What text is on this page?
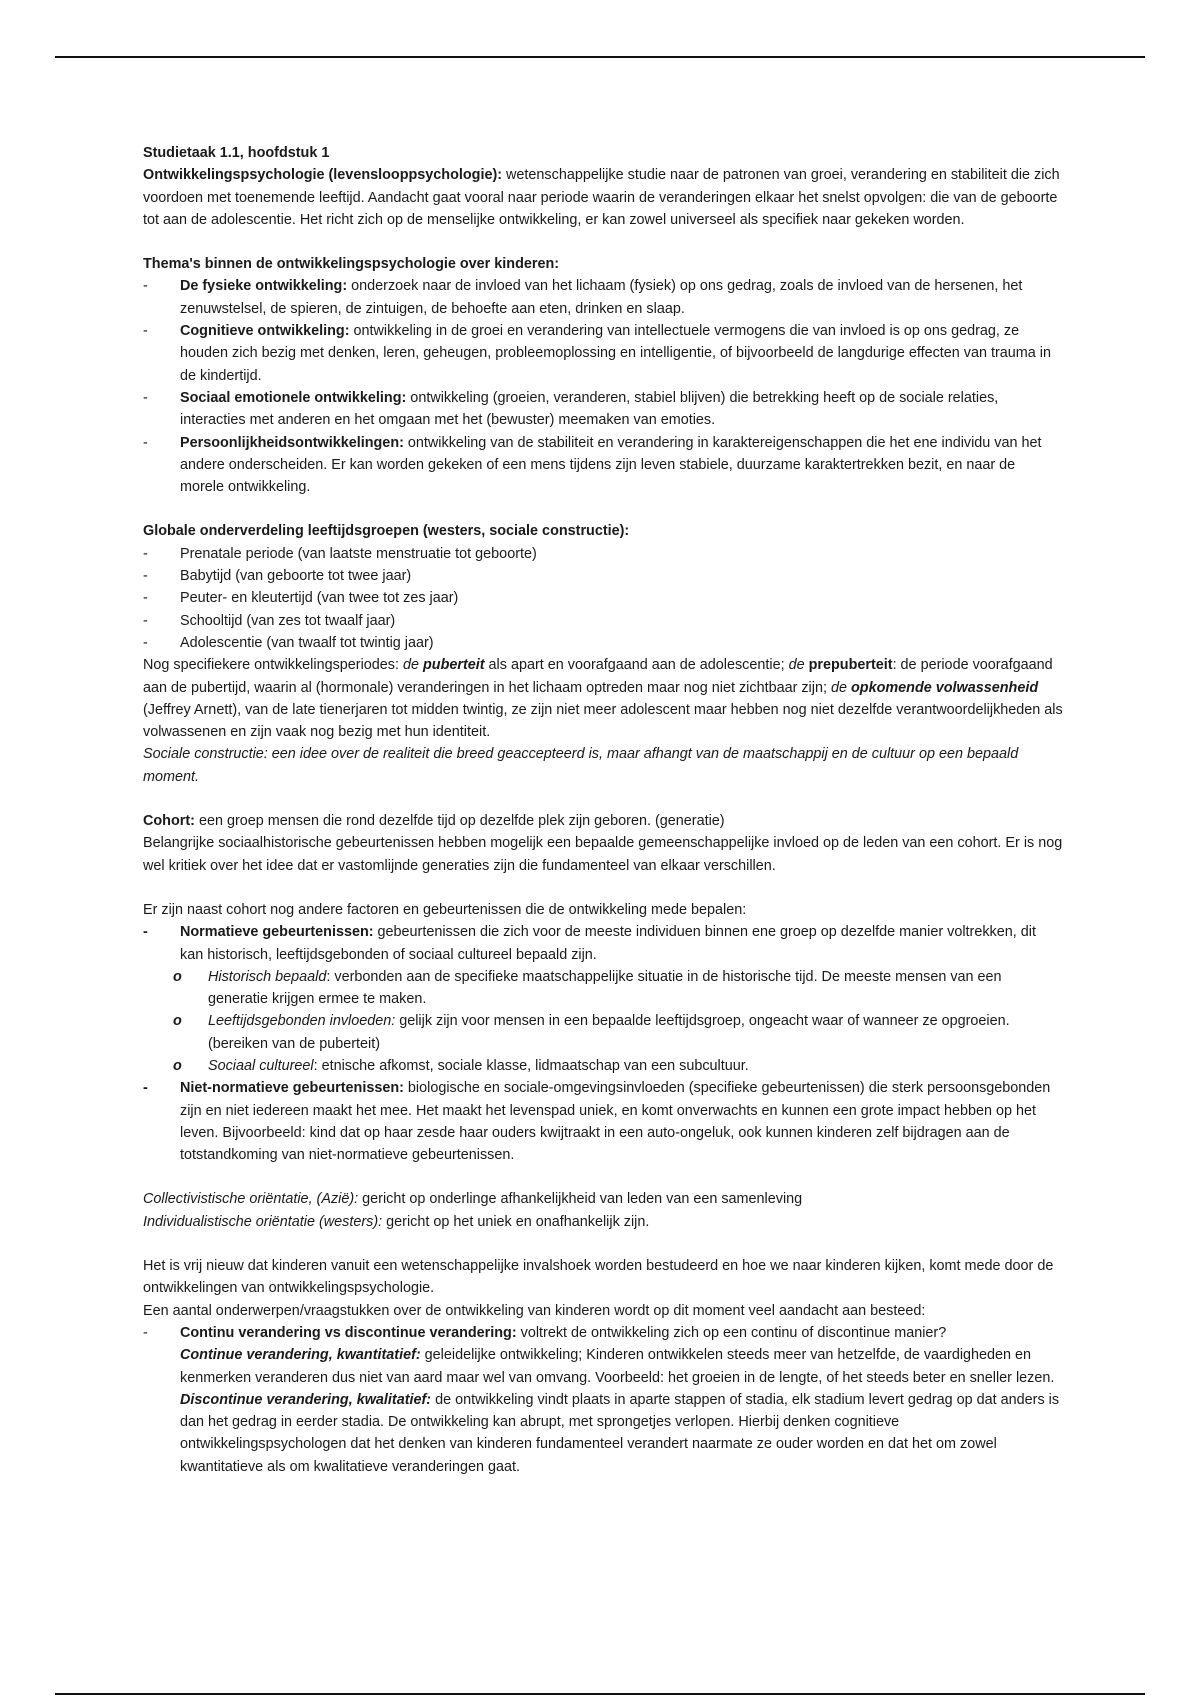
Studietaak 1.1, hoofdstuk 1

Ontwikkelingspsychologie (levenslooppsychologie): wetenschappelijke studie naar de patronen van groei, verandering en stabiliteit die zich voordoen met toenemende leeftijd. Aandacht gaat vooral naar periode waarin de veranderingen elkaar het snelst opvolgen: die van de geboorte tot aan de adolescentie. Het richt zich op de menselijke ontwikkeling, er kan zowel universeel als specifiek naar gekeken worden.

Thema's binnen de ontwikkelingspsychologie over kinderen:

-	De fysieke ontwikkeling: onderzoek naar de invloed van het lichaam (fysiek) op ons gedrag, zoals de invloed van de hersenen, het zenuwstelsel, de spieren, de zintuigen, de behoefte aan eten, drinken en slaap.
-	Cognitieve ontwikkeling: ontwikkeling in de groei en verandering van intellectuele vermogens die van invloed is op ons gedrag, ze houden zich bezig met denken, leren, geheugen, probleemoplossing en intelligentie, of bijvoorbeeld de langdurige effecten van trauma in de kindertijd.
-	Sociaal emotionele ontwikkeling: ontwikkeling (groeien, veranderen, stabiel blijven) die betrekking heeft op de sociale relaties, interacties met anderen en het omgaan met het (bewuster) meemaken van emoties.
-	Persoonlijkheidsontwikkelingen: ontwikkeling van de stabiliteit en verandering in karaktereigenschappen die het ene individu van het andere onderscheiden. Er kan worden gekeken of een mens tijdens zijn leven stabiele, duurzame karaktertrekken bezit, en naar de morele ontwikkeling.

Globale onderverdeling leeftijdsgroepen (westers, sociale constructie):

-	Prenatale periode (van laatste menstruatie tot geboorte)
-	Babytijd (van geboorte tot twee jaar)
-	Peuter- en kleutertijd (van twee tot zes jaar)
-	Schooltijd (van zes tot twaalf jaar)
-	Adolescentie (van twaalf tot twintig jaar)

Nog specifiekere ontwikkelingsperiodes: de puberteit als apart en voorafgaand aan de adolescentie; de prepuberteit: de periode voorafgaand aan de pubertijd, waarin al (hormonale) veranderingen in het lichaam optreden maar nog niet zichtbaar zijn; de opkomende volwassenheid (Jeffrey Arnett), van de late tienerjaren tot midden twintig, ze zijn niet meer adolescent maar hebben nog niet dezelfde verantwoordelijkheden als volwassenen en zijn vaak nog bezig met hun identiteit.

Sociale constructie: een idee over de realiteit die breed geaccepteerd is, maar afhangt van de maatschappij en de cultuur op een bepaald moment.

Cohort: een groep mensen die rond dezelfde tijd op dezelfde plek zijn geboren. (generatie)

Belangrijke sociaalhistorische gebeurtenissen hebben mogelijk een bepaalde gemeenschappelijke invloed op de leden van een cohort. Er is nog wel kritiek over het idee dat er vastomlijnde generaties zijn die fundamenteel van elkaar verschillen.

Er zijn naast cohort nog andere factoren en gebeurtenissen die de ontwikkeling mede bepalen:

-	Normatieve gebeurtenissen: gebeurtenissen die zich voor de meeste individuen binnen ene groep op dezelfde manier voltrekken, dit kan historisch, leeftijdsgebonden of sociaal cultureel bepaald zijn.
o Historisch bepaald: verbonden aan de specifieke maatschappelijke situatie in de historische tijd. De meeste mensen van een generatie krijgen ermee te maken.
o Leeftijdsgebonden invloeden: gelijk zijn voor mensen in een bepaalde leeftijdsgroep, ongeacht waar of wanneer ze opgroeien. (bereiken van de puberteit)
o Sociaal cultureel: etnische afkomst, sociale klasse, lidmaatschap van een subcultuur.
-	Niet-normatieve gebeurtenissen: biologische en sociale-omgevingsinvloeden (specifieke gebeurtenissen) die sterk persoonsgebonden zijn en niet iedereen maakt het mee. Het maakt het levenspad uniek, en komt onverwachts en kunnen een grote impact hebben op het leven. Bijvoorbeeld: kind dat op haar zesde haar ouders kwijtraakt in een auto-ongeluk, ook kunnen kinderen zelf bijdragen aan de totstandkoming van niet-normatieve gebeurtenissen.

Collectivistische oriëntatie, (Azië): gericht op onderlinge afhankelijkheid van leden van een samenleving

Individualistische oriëntatie (westers): gericht op het uniek en onafhankelijk zijn.

Het is vrij nieuw dat kinderen vanuit een wetenschappelijke invalshoek worden bestudeerd en hoe we naar kinderen kijken, komt mede door de ontwikkelingen van ontwikkelingspsychologie.

Een aantal onderwerpen/vraagstukken over de ontwikkeling van kinderen wordt op dit moment veel aandacht aan besteed:

-	Continu verandering vs discontinue verandering: voltrekt de ontwikkeling zich op een continu of discontinue manier?

Continue verandering, kwantitatief: geleidelijke ontwikkeling; Kinderen ontwikkelen steeds meer van hetzelfde, de vaardigheden en kenmerken veranderen dus niet van aard maar wel van omvang. Voorbeeld: het groeien in de lengte, of het steeds beter en sneller lezen.

Discontinue verandering, kwalitatief: de ontwikkeling vindt plaats in aparte stappen of stadia, elk stadium levert gedrag op dat anders is dan het gedrag in eerder stadia. De ontwikkeling kan abrupt, met sprongetjes verlopen. Hierbij denken cognitieve ontwikkelingspsychologen dat het denken van kinderen fundamenteel verandert naarmate ze ouder worden en dat het om zowel kwantitatieve als om kwalitatieve veranderingen gaat.
